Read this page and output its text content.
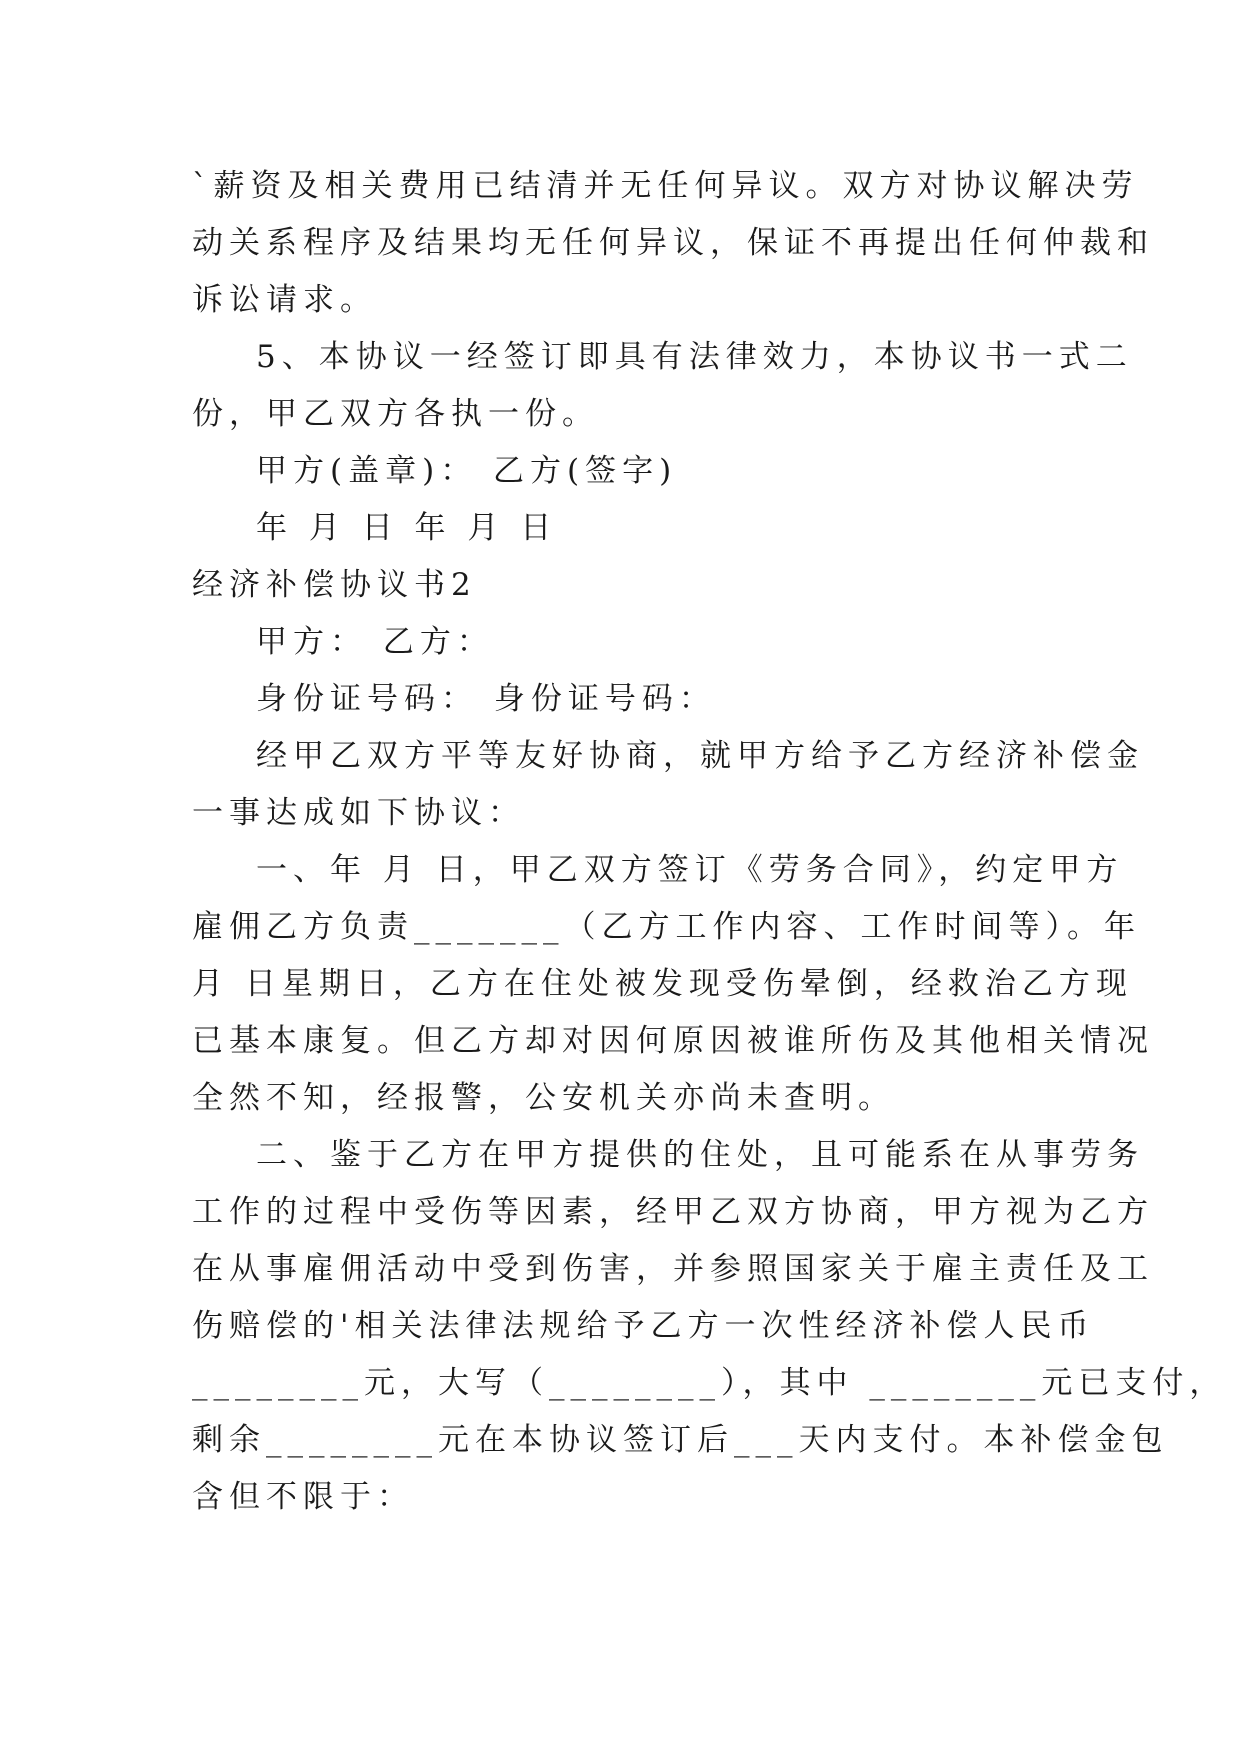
`薪资及相关费用已结清并无任何异议。双方对协议解决劳
动关系程序及结果均无任何异议，保证不再提出任何仲裁和
诉讼请求。
5、本协议一经签订即具有法律效力，本协议书一式二
份，甲乙双方各执一份。
甲方(盖章)： 乙方(签字)
年 月 日 年 月 日
经济补偿协议书2
甲方： 乙方：
身份证号码： 身份证号码：
经甲乙双方平等友好协商，就甲方给予乙方经济补偿金
一事达成如下协议：
一、年 月 日，甲乙双方签订《劳务合同》，约定甲方
雇佣乙方负责_______（乙方工作内容、工作时间等）。年
月 日星期日，乙方在住处被发现受伤晕倒，经救治乙方现
已基本康复。但乙方却对因何原因被谁所伤及其他相关情况
全然不知，经报警，公安机关亦尚未查明。
二、鉴于乙方在甲方提供的住处，且可能系在从事劳务
工作的过程中受伤等因素，经甲乙双方协商，甲方视为乙方
在从事雇佣活动中受到伤害，并参照国家关于雇主责任及工
伤赔偿的'相关法律法规给予乙方一次性经济补偿人民币
________元，大写（________），其中 ________元已支付，
剩余________元在本协议签订后___天内支付。本补偿金包
含但不限于：
